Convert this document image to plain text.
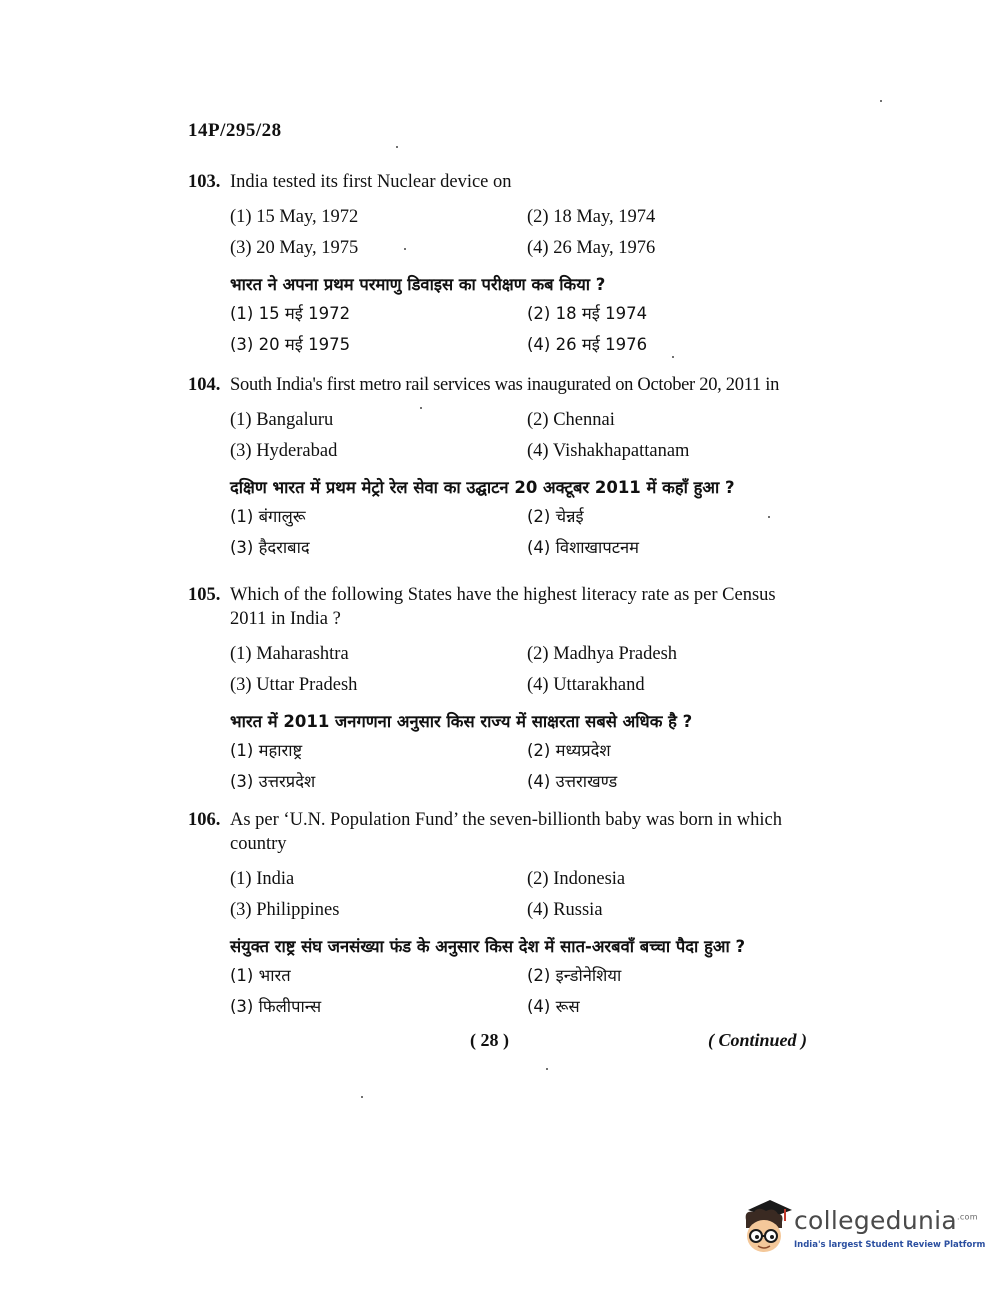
14P/295/28
103. India tested its first Nuclear device on
(1) 15 May, 1972	(2) 18 May, 1974
(3) 20 May, 1975	(4) 26 May, 1976
भारत ने अपना प्रथम परमाणु डिवाइस का परीक्षण कब किया ?
(1) 15 मई 1972	(2) 18 मई 1974
(3) 20 मई 1975	(4) 26 मई 1976
104. South India's first metro rail services was inaugurated on October 20, 2011 in
(1) Bangaluru	(2) Chennai
(3) Hyderabad	(4) Vishakhapattanam
दक्षिण भारत में प्रथम मेट्रो रेल सेवा का उद्घाटन 20 अक्टूबर 2011 में कहाँ हुआ ?
(1) बंगालुरू	(2) चेन्नई
(3) हैदराबाद	(4) विशाखापटनम
105. Which of the following States have the highest literacy rate as per Census 2011 in India ?
(1) Maharashtra	(2) Madhya Pradesh
(3) Uttar Pradesh	(4) Uttarakhand
भारत में 2011 जनगणना अनुसार किस राज्य में साक्षरता सबसे अधिक है ?
(1) महाराष्ट्र	(2) मध्यप्रदेश
(3) उत्तरप्रदेश	(4) उत्तराखण्ड
106. As per ‘U.N. Population Fund’ the seven-billionth baby was born in which country
(1) India	(2) Indonesia
(3) Philippines	(4) Russia
संयुक्त राष्ट्र संघ जनसंख्या फंड के अनुसार किस देश में सात-अरबवाँ बच्चा पैदा हुआ ?
(1) भारत	(2) इन्डोनेशिया
(3) फिलीपान्स	(4) रूस
( 28 )	( Continued )
collegedunia$^{.com}$
India's largest Student Review Platform
